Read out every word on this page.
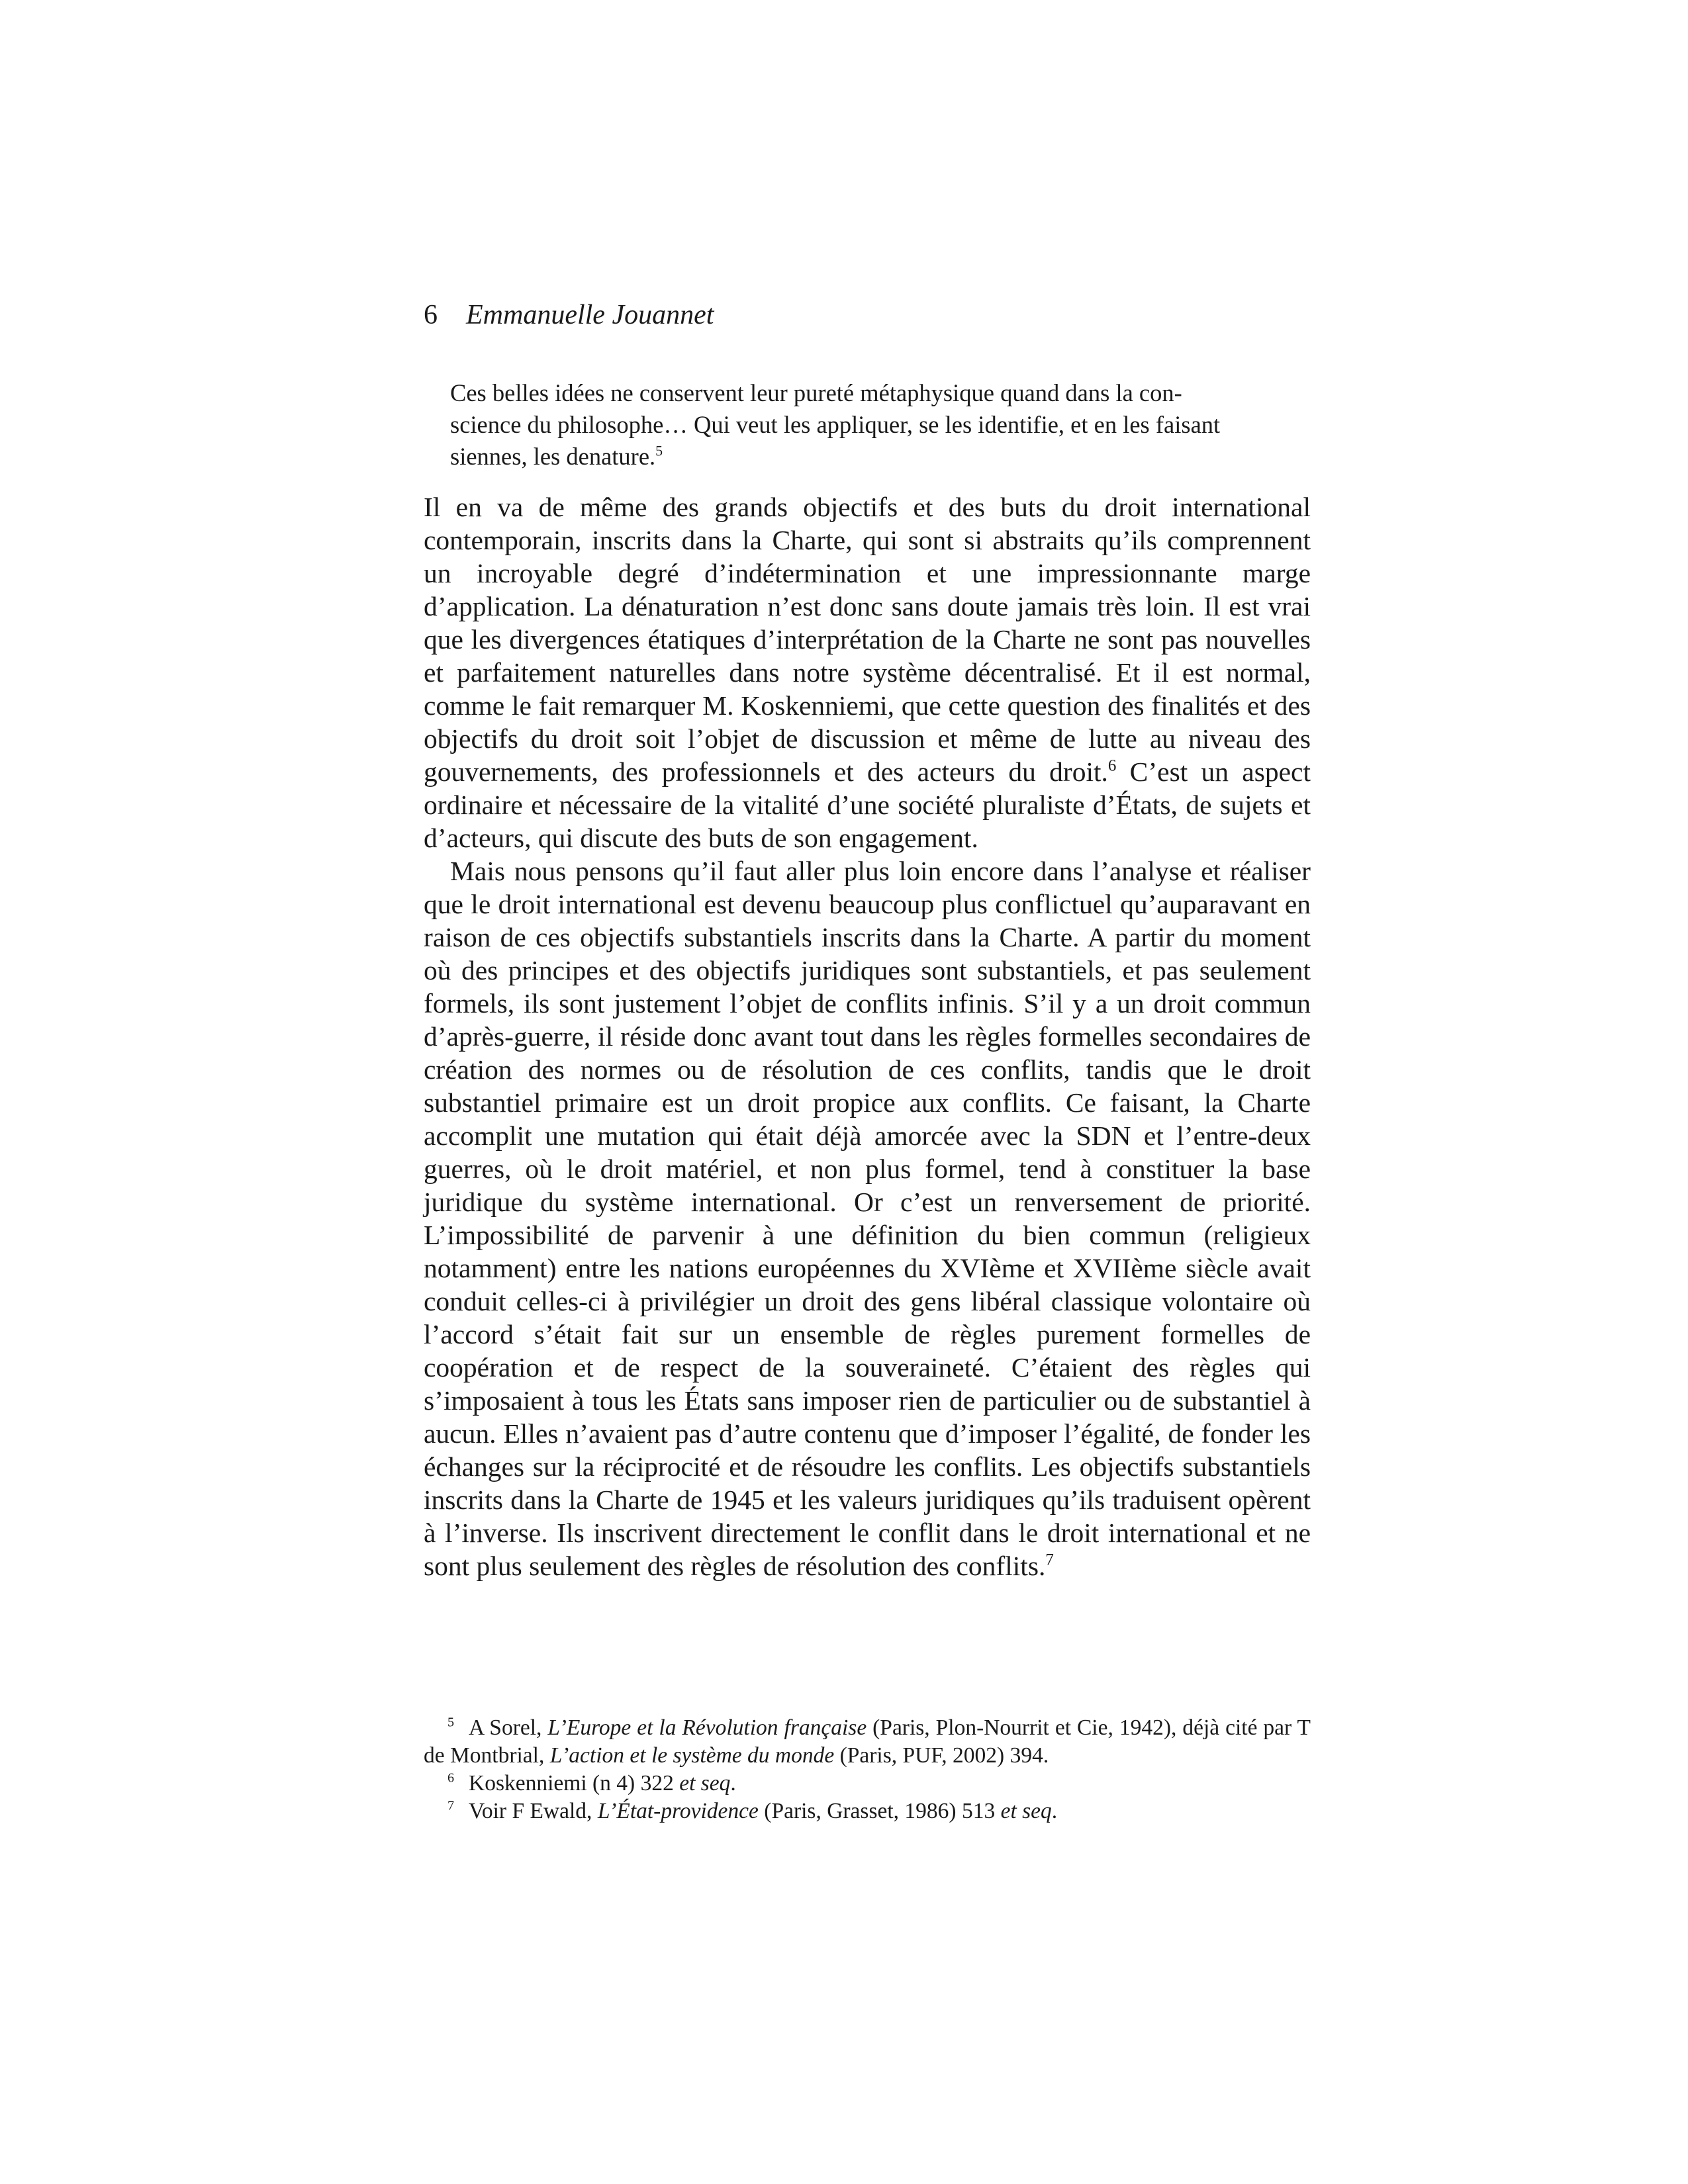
6 Emmanuelle Jouannet
Ces belles idées ne conservent leur pureté métaphysique quand dans la con-
science du philosophe… Qui veut les appliquer, se les identifie, et en les faisant
siennes, les denature.$^5$

Il en va de même des grands objectifs et des buts du droit international contemporain, inscrits dans la Charte, qui sont si abstraits qu’ils comprennent un incroyable degré d’indétermination et une impressionnante marge d’application. La dénaturation n’est donc sans doute jamais très loin. Il est vrai que les divergences étatiques d’interprétation de la Charte ne sont pas nouvelles et parfaitement naturelles dans notre système décentralisé. Et il est normal, comme le fait remarquer M. Koskenniemi, que cette question des finalités et des objectifs du droit soit l’objet de discussion et même de lutte au niveau des gouvernements, des professionnels et des acteurs du droit.$^6$ C’est un aspect ordinaire et nécessaire de la vitalité d’une société pluraliste d’États, de sujets et d’acteurs, qui discute des buts de son engagement.

Mais nous pensons qu’il faut aller plus loin encore dans l’analyse et réaliser que le droit international est devenu beaucoup plus conflictuel qu’auparavant en raison de ces objectifs substantiels inscrits dans la Charte. A partir du moment où des principes et des objectifs juridiques sont substantiels, et pas seulement formels, ils sont justement l’objet de conflits infinis. S’il y a un droit commun d’après-guerre, il réside donc avant tout dans les règles formelles secondaires de création des normes ou de résolution de ces conflits, tandis que le droit substantiel primaire est un droit propice aux conflits. Ce faisant, la Charte accomplit une mutation qui était déjà amorcée avec la SDN et l’entre-deux guerres, où le droit matériel, et non plus formel, tend à constituer la base juridique du système international. Or c’est un renversement de priorité. L’impossibilité de parvenir à une définition du bien commun (religieux notamment) entre les nations européennes du XVIème et XVIIème siècle avait conduit celles-ci à privilégier un droit des gens libéral classique volontaire où l’accord s’était fait sur un ensemble de règles purement formelles de coopération et de respect de la souveraineté. C’étaient des règles qui s’imposaient à tous les États sans imposer rien de particulier ou de substantiel à aucun. Elles n’avaient pas d’autre contenu que d’imposer l’égalité, de fonder les échanges sur la réciprocité et de résoudre les conflits. Les objectifs substantiels inscrits dans la Charte de 1945 et les valeurs juridiques qu’ils traduisent opèrent à l’inverse. Ils inscrivent directement le conflit dans le droit international et ne sont plus seulement des règles de résolution des conflits.$^7$

$^5$ A Sorel, L’Europe et la Révolution française (Paris, Plon-Nourrit et Cie, 1942), déjà cité par T de Montbrial, L’action et le système du monde (Paris, PUF, 2002) 394.

$^6$ Koskenniemi (n 4) 322 et seq.

$^7$ Voir F Ewald, L’État-providence (Paris, Grasset, 1986) 513 et seq.
